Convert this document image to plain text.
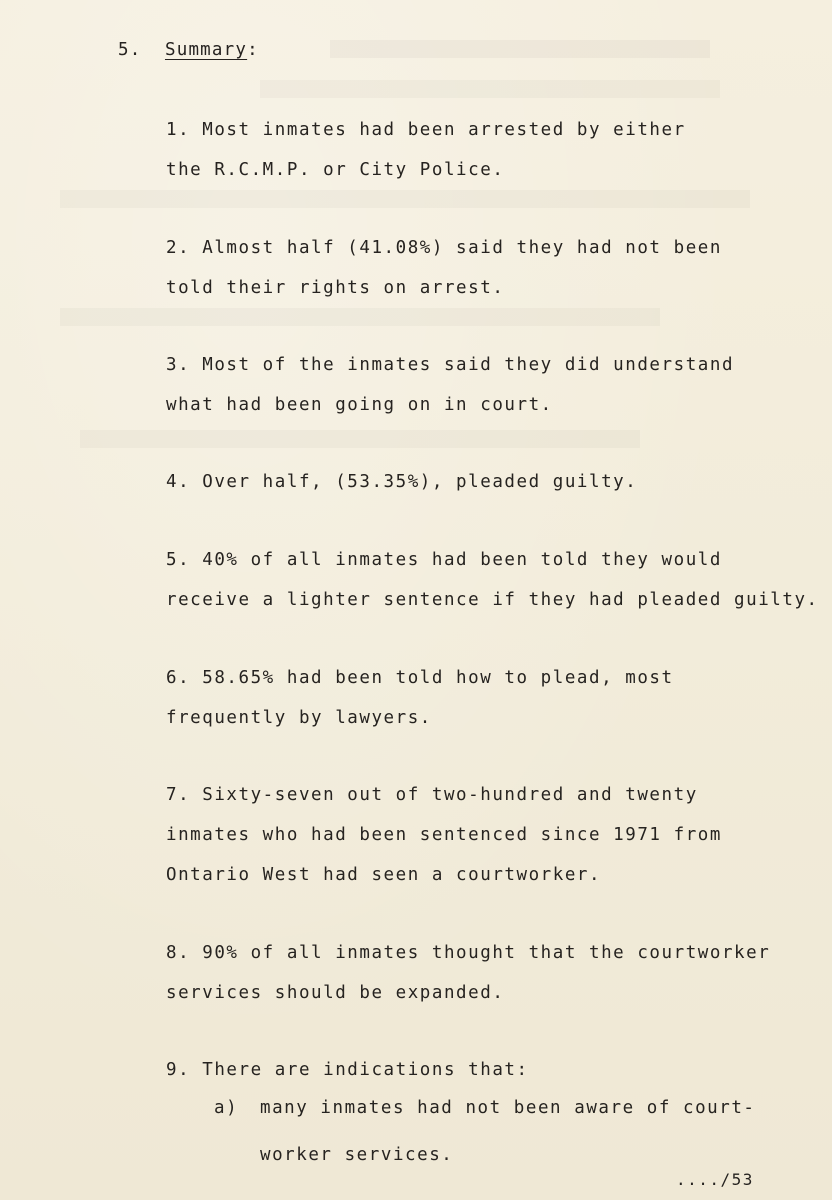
5. Summary:
1. Most inmates had been arrested by either
the R.C.M.P. or City Police.
2. Almost half (41.08%) said they had not been
told their rights on arrest.
3. Most of the inmates said they did understand
what had been going on in court.
4. Over half, (53.35%), pleaded guilty.
5. 40% of all inmates had been told they would
receive a lighter sentence if they had pleaded guilty.
6. 58.65% had been told how to plead, most
frequently by lawyers.
7. Sixty-seven out of two-hundred and twenty
inmates who had been sentenced since 1971 from
Ontario West had seen a courtworker.
8. 90% of all inmates thought that the courtworker
services should be expanded.
9. There are indications that:
a) many inmates had not been aware of court-
worker services.
..../53
